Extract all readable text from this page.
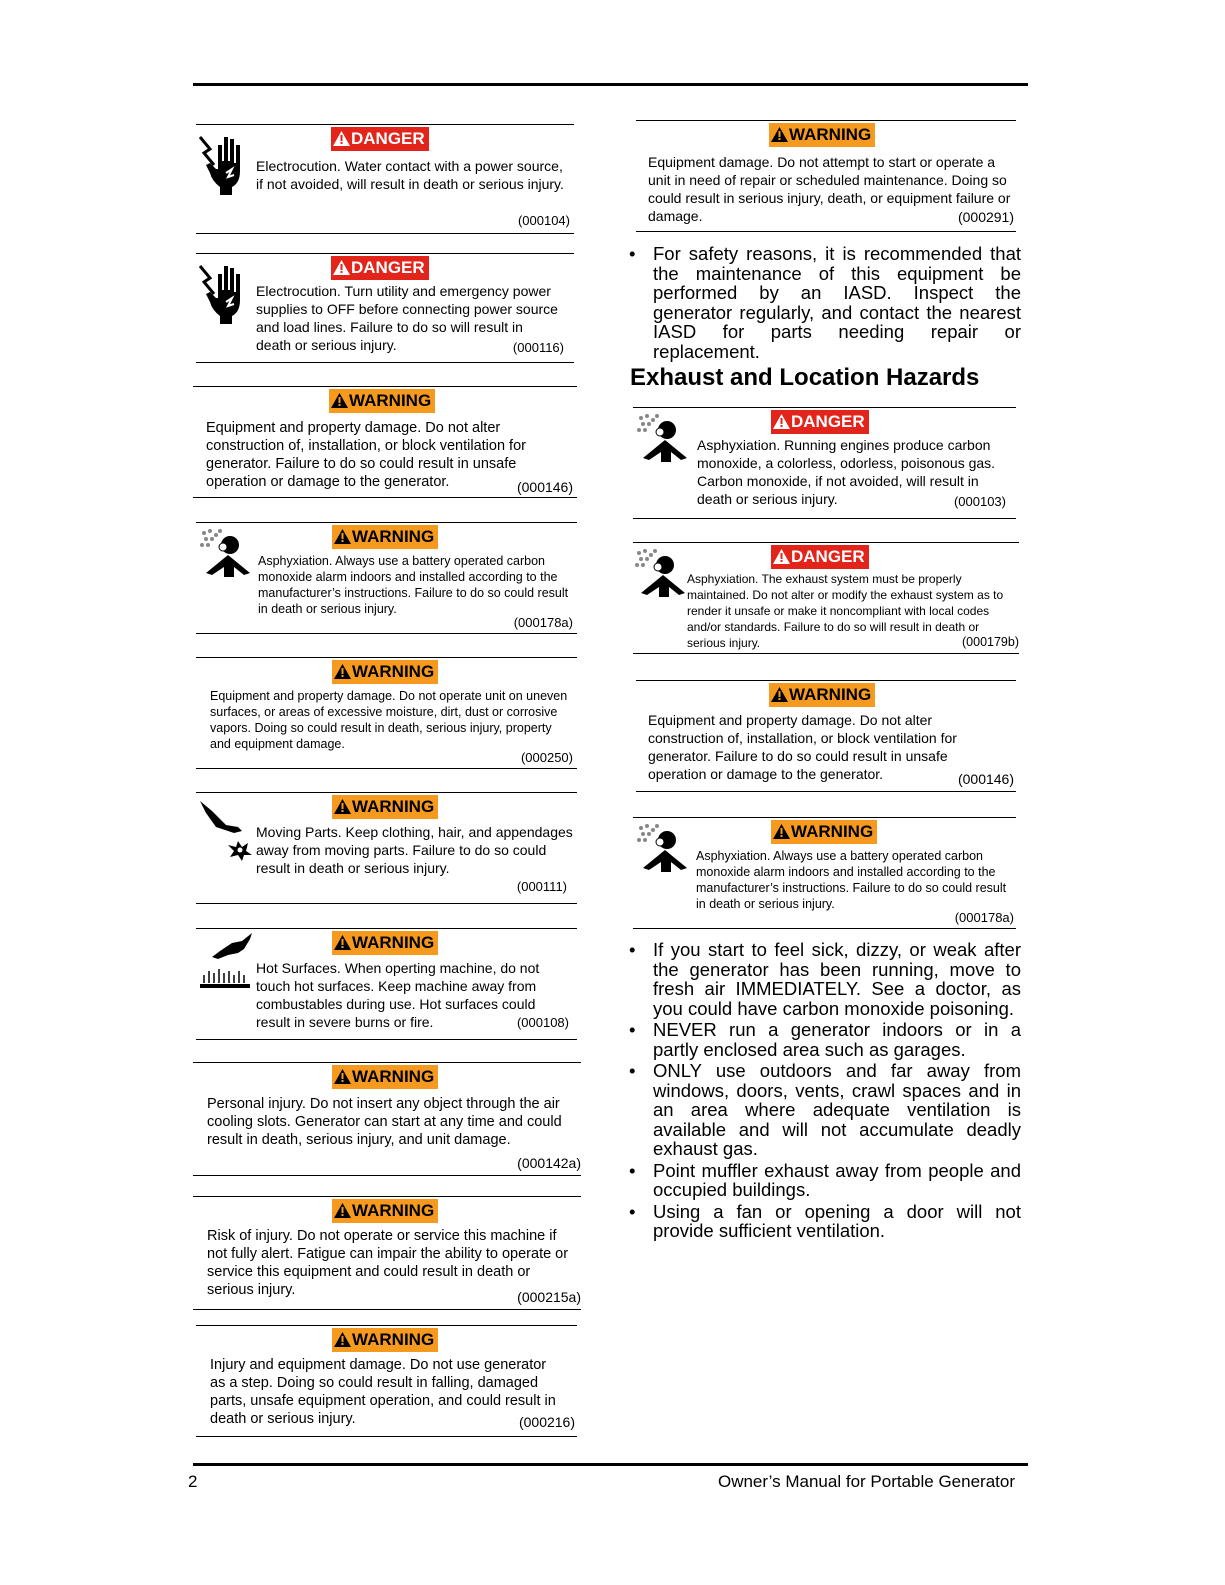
DANGER
Electrocution. Water contact with a power source, if not avoided, will result in death or serious injury.
(000104)
DANGER
Electrocution. Turn utility and emergency power supplies to OFF before connecting power source and load lines. Failure to do so will result in death or serious injury.	(000116)
WARNING
Equipment and property damage. Do not alter construction of, installation, or block ventilation for generator. Failure to do so could result in unsafe operation or damage to the generator.	(000146)
WARNING
Asphyxiation. Always use a battery operated carbon monoxide alarm indoors and installed according to the manufacturer’s instructions. Failure to do so could result in death or serious injury.
(000178a)
WARNING
Equipment and property damage. Do not operate unit on uneven surfaces, or areas of excessive moisture, dirt, dust or corrosive vapors. Doing so could result in death, serious injury, property and equipment damage.
(000250)
WARNING
Moving Parts. Keep clothing, hair, and appendages away from moving parts. Failure to do so could result in death or serious injury.
(000111)
WARNING
Hot Surfaces. When operting machine, do not touch hot surfaces. Keep machine away from combustables during use. Hot surfaces could result in severe burns or fire.	(000108)
WARNING
Personal injury. Do not insert any object through the air cooling slots. Generator can start at any time and could result in death, serious injury, and unit damage.
(000142a)
WARNING
Risk of injury. Do not operate or service this machine if not fully alert. Fatigue can impair the ability to operate or service this equipment and could result in death or serious injury.	(000215a)
WARNING
Injury and equipment damage. Do not use generator as a step. Doing so could result in falling, damaged parts, unsafe equipment operation, and could result in death or serious injury.	(000216)
WARNING
Equipment damage. Do not attempt to start or operate a unit in need of repair or scheduled maintenance. Doing so could result in serious injury, death, or equipment failure or damage.	(000291)
• For safety reasons, it is recommended that the maintenance of this equipment be performed by an IASD. Inspect the generator regularly, and contact the nearest IASD for parts needing repair or replacement.
Exhaust and Location Hazards
DANGER
Asphyxiation. Running engines produce carbon monoxide, a colorless, odorless, poisonous gas. Carbon monoxide, if not avoided, will result in death or serious injury.	(000103)
DANGER
Asphyxiation. The exhaust system must be properly maintained. Do not alter or modify the exhaust system as to render it unsafe or make it noncompliant with local codes and/or standards. Failure to do so will result in death or serious injury.	(000179b)
WARNING
Equipment and property damage. Do not alter construction of, installation, or block ventilation for generator. Failure to do so could result in unsafe operation or damage to the generator.	(000146)
WARNING
Asphyxiation. Always use a battery operated carbon monoxide alarm indoors and installed according to the manufacturer’s instructions. Failure to do so could result in death or serious injury.
(000178a)
• If you start to feel sick, dizzy, or weak after the generator has been running, move to fresh air IMMEDIATELY. See a doctor, as you could have carbon monoxide poisoning.
• NEVER run a generator indoors or in a partly enclosed area such as garages.
• ONLY use outdoors and far away from windows, doors, vents, crawl spaces and in an area where adequate ventilation is available and will not accumulate deadly exhaust gas.
• Point muffler exhaust away from people and occupied buildings.
• Using a fan or opening a door will not provide sufficient ventilation.
2	Owner’s Manual for Portable Generator
